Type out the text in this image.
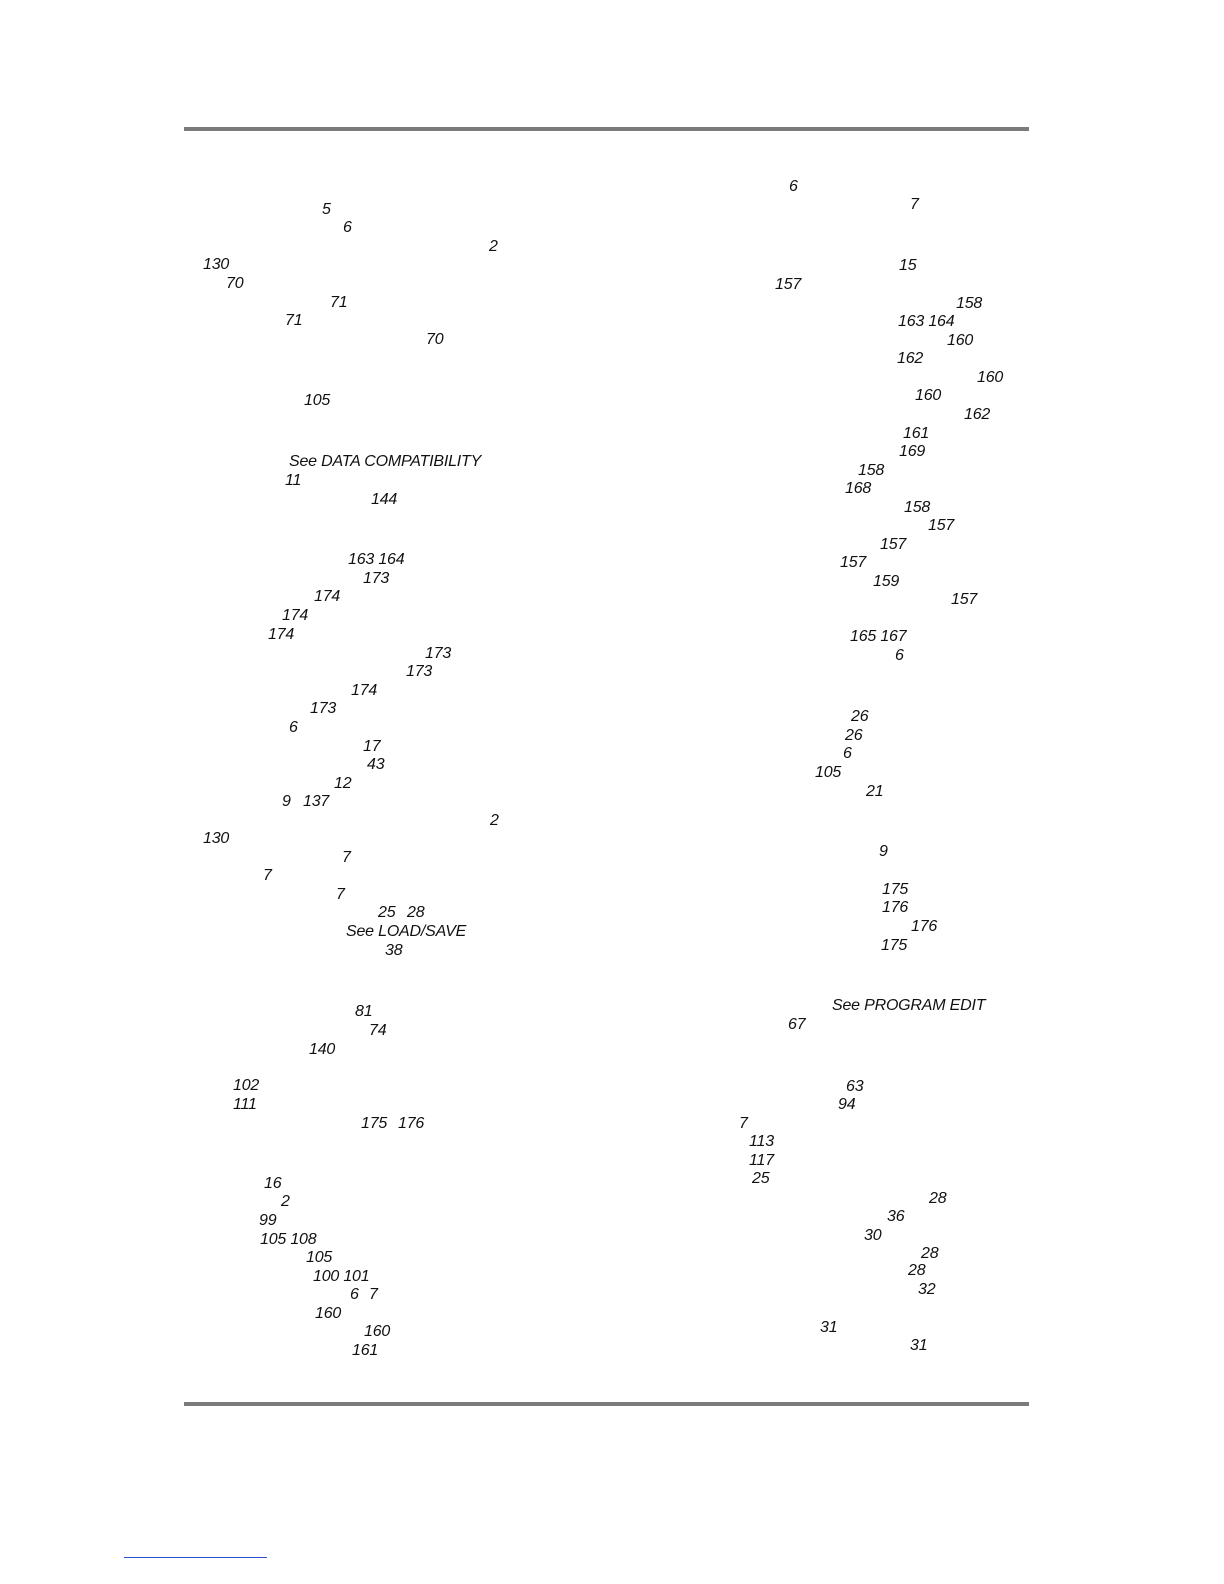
5
6
2
130
70
71
71
70
105
See DATA COMPATIBILITY
11
144
163 164
173
174
174
174
173
173
174
173
6
17
43
12
9 137
2
130
7
7
7
25 28
See LOAD/SAVE
38
81
74
140
102
111
175 176
16
2
99
105 108
105
100 101
6 7
160
160
161
6
7
15
157
158
163 164
160
162
160
160
162
161
169
158
168
158
157
157
157
159
157
165 167
6
26
26
6
105
21
9
175
176
176
175
See PROGRAM EDIT
67
63
94
7
113
117
25
28
36
30
28
28
32
31
31
